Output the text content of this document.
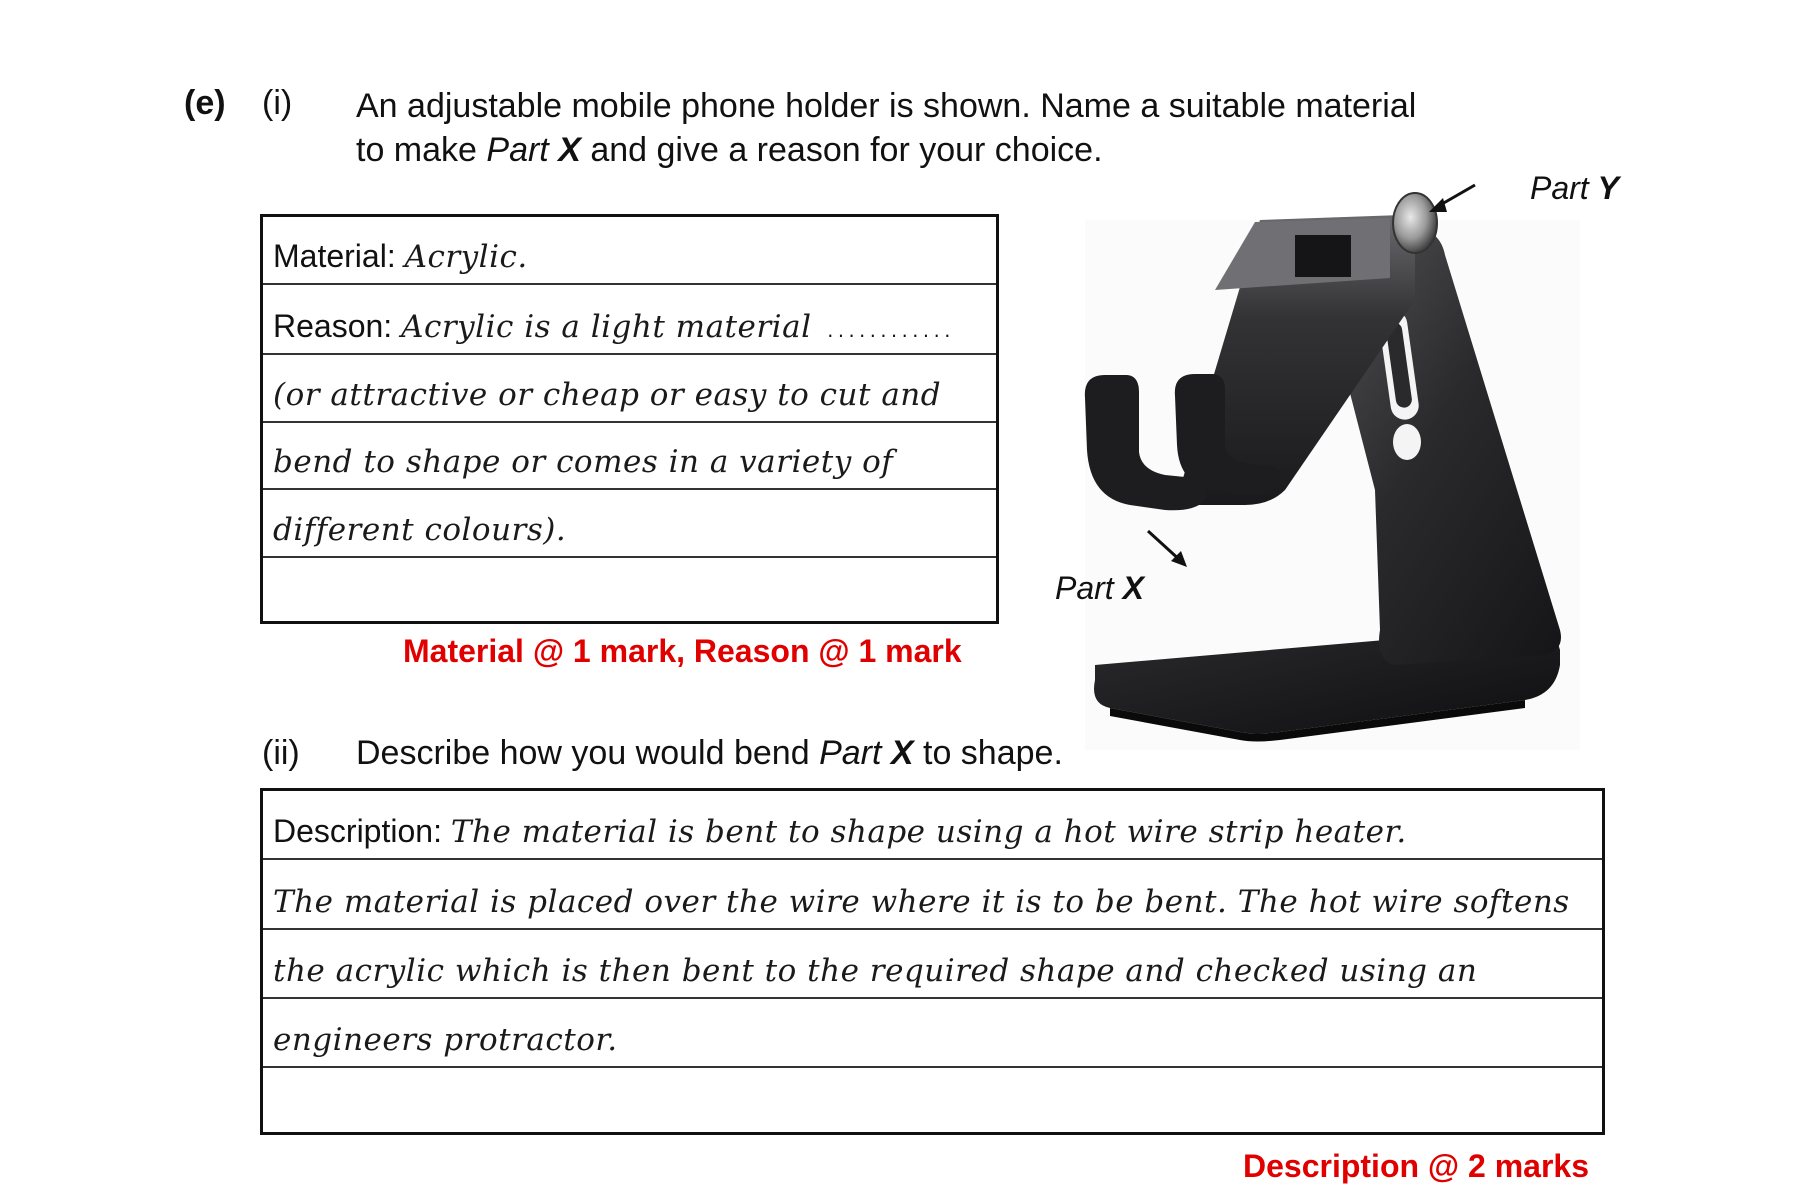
(e) (i) An adjustable mobile phone holder is shown. Name a suitable material
to make Part X and give a reason for your choice.
Material: Acrylic.
Reason: Acrylic is a light material ............
(or attractive or cheap or easy to cut and
bend to shape or comes in a variety of
different colours).
Material @ 1 mark, Reason @ 1 mark
Part Y
Part X
(ii) Describe how you would bend Part X to shape.
Description: The material is bent to shape using a hot wire strip heater.
The material is placed over the wire where it is to be bent. The hot wire softens
the acrylic which is then bent to the required shape and checked using an
engineers protractor.
Description @ 2 marks
